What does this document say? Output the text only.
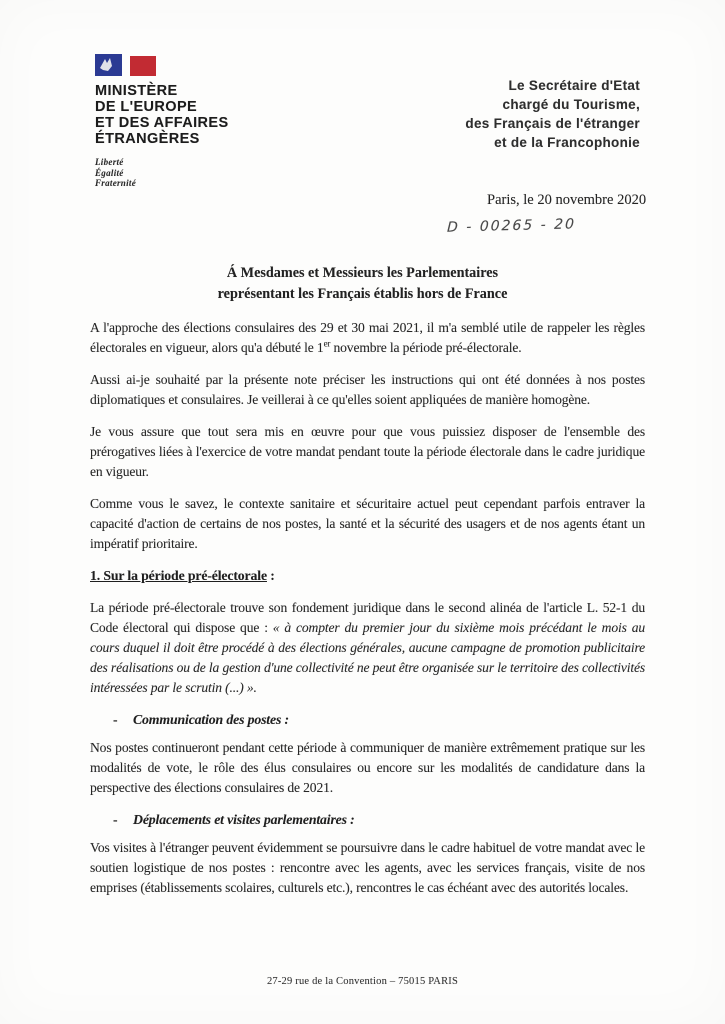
MINISTÈRE
DE L'EUROPE
ET DES AFFAIRES
ÉTRANGÈRES
Liberté
Égalité
Fraternité
Le Secrétaire d'Etat
chargé du Tourisme,
des Français de l'étranger
et de la Francophonie
Paris, le 20 novembre 2020
D - 00265 - 20
Á Mesdames et Messieurs les Parlementaires
représentant les Français établis hors de France

A l'approche des élections consulaires des 29 et 30 mai 2021, il m'a semblé utile de rappeler les règles électorales en vigueur, alors qu'a débuté le 1er novembre la période pré-électorale.

Aussi ai-je souhaité par la présente note préciser les instructions qui ont été données à nos postes diplomatiques et consulaires. Je veillerai à ce qu'elles soient appliquées de manière homogène.

Je vous assure que tout sera mis en œuvre pour que vous puissiez disposer de l'ensemble des prérogatives liées à l'exercice de votre mandat pendant toute la période électorale dans le cadre juridique en vigueur.

Comme vous le savez, le contexte sanitaire et sécuritaire actuel peut cependant parfois entraver la capacité d'action de certains de nos postes, la santé et la sécurité des usagers et de nos agents étant un impératif prioritaire.

1. Sur la période pré-électorale :

La période pré-électorale trouve son fondement juridique dans le second alinéa de l'article L. 52-1 du Code électoral qui dispose que : « à compter du premier jour du sixième mois précédant le mois au cours duquel il doit être procédé à des élections générales, aucune campagne de promotion publicitaire des réalisations ou de la gestion d'une collectivité ne peut être organisée sur le territoire des collectivités intéressées par le scrutin (...) ».

-	Communication des postes :

Nos postes continueront pendant cette période à communiquer de manière extrêmement pratique sur les modalités de vote, le rôle des élus consulaires ou encore sur les modalités de candidature dans la perspective des élections consulaires de 2021.

-	Déplacements et visites parlementaires :

Vos visites à l'étranger peuvent évidemment se poursuivre dans le cadre habituel de votre mandat avec le soutien logistique de nos postes : rencontre avec les agents, avec les services français, visite de nos emprises (établissements scolaires, culturels etc.), rencontres le cas échéant avec des autorités locales.

27-29 rue de la Convention – 75015 PARIS
